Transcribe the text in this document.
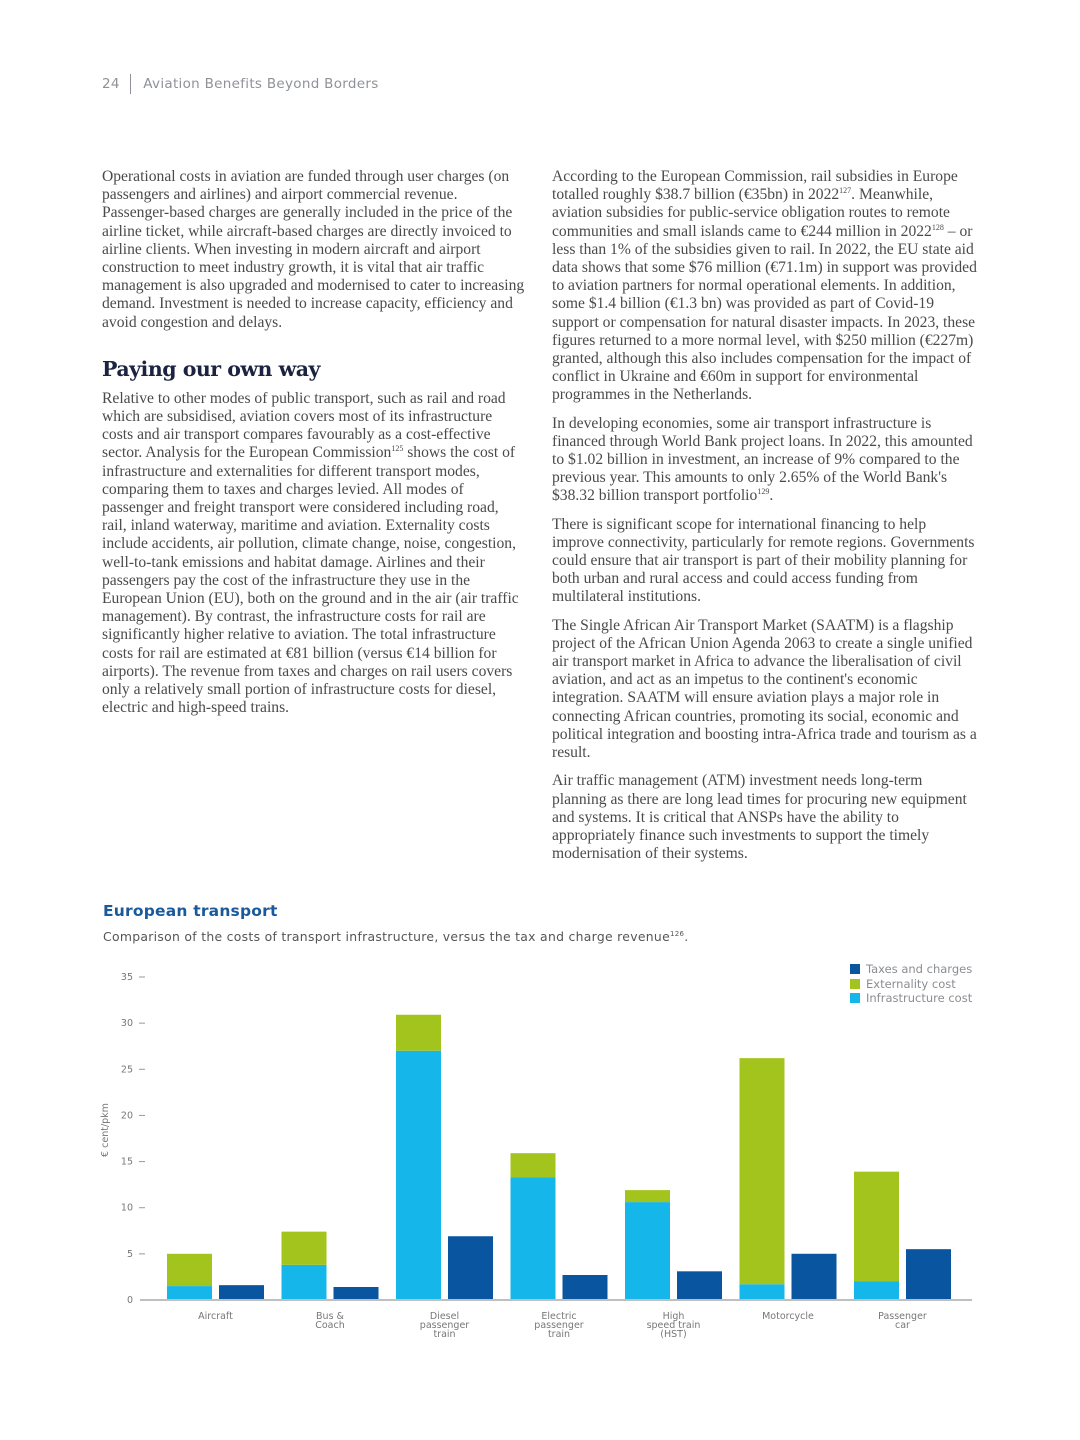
24 Aviation Benefits Beyond Borders

Operational costs in aviation are funded through user charges (on passengers and airlines) and airport commercial revenue. Passenger-based charges are generally included in the price of the airline ticket, while aircraft-based charges are directly invoiced to airline clients. When investing in modern aircraft and airport construction to meet industry growth, it is vital that air traffic management is also upgraded and modernised to cater to increasing demand. Investment is needed to increase capacity, efficiency and avoid congestion and delays.

Paying our own way

Relative to other modes of public transport, such as rail and road which are subsidised, aviation covers most of its infrastructure costs and air transport compares favourably as a cost-effective sector. Analysis for the European Commission$^{125}$ shows the cost of infrastructure and externalities for different transport modes, comparing them to taxes and charges levied. All modes of passenger and freight transport were considered including road, rail, inland waterway, maritime and aviation. Externality costs include accidents, air pollution, climate change, noise, congestion, well-to-tank emissions and habitat damage. Airlines and their passengers pay the cost of the infrastructure they use in the European Union (EU), both on the ground and in the air (air traffic management). By contrast, the infrastructure costs for rail are significantly higher relative to aviation. The total infrastructure costs for rail are estimated at €81 billion (versus €14 billion for airports). The revenue from taxes and charges on rail users covers only a relatively small portion of infrastructure costs for diesel, electric and high-speed trains.

According to the European Commission, rail subsidies in Europe totalled roughly $38.7 billion (€35bn) in 2022$^{127}$. Meanwhile, aviation subsidies for public-service obligation routes to remote communities and small islands came to €244 million in 2022$^{128}$ – or less than 1% of the subsidies given to rail. In 2022, the EU state aid data shows that some $76 million (€71.1m) in support was provided to aviation partners for normal operational elements. In addition, some $1.4 billion (€1.3 bn) was provided as part of Covid-19 support or compensation for natural disaster impacts. In 2023, these figures returned to a more normal level, with $250 million (€227m) granted, although this also includes compensation for the impact of conflict in Ukraine and €60m in support for environmental programmes in the Netherlands.

In developing economies, some air transport infrastructure is financed through World Bank project loans. In 2022, this amounted to $1.02 billion in investment, an increase of 9% compared to the previous year. This amounts to only 2.65% of the World Bank's $38.32 billion transport portfolio$^{129}$.

There is significant scope for international financing to help improve connectivity, particularly for remote regions. Governments could ensure that air transport is part of their mobility planning for both urban and rural access and could access funding from multilateral institutions.

The Single African Air Transport Market (SAATM) is a flagship project of the African Union Agenda 2063 to create a single unified air transport market in Africa to advance the liberalisation of civil aviation, and act as an impetus to the continent's economic integration. SAATM will ensure aviation plays a major role in connecting African countries, promoting its social, economic and political integration and boosting intra-Africa trade and tourism as a result.

Air traffic management (ATM) investment needs long-term planning as there are long lead times for procuring new equipment and systems. It is critical that ANSPs have the ability to appropriately finance such investments to support the timely modernisation of their systems.

European transport
Comparison of the costs of transport infrastructure, versus the tax and charge revenue$^{126}$.
Taxes and charges
Externality cost
Infrastructure cost
0
5
10
15
20
25
30
35
€ cent/pkm
Aircraft	Bus & Coach
Diesel passenger train
Electric passenger train
High speed train (HST)
Motorcycle	Passenger car
